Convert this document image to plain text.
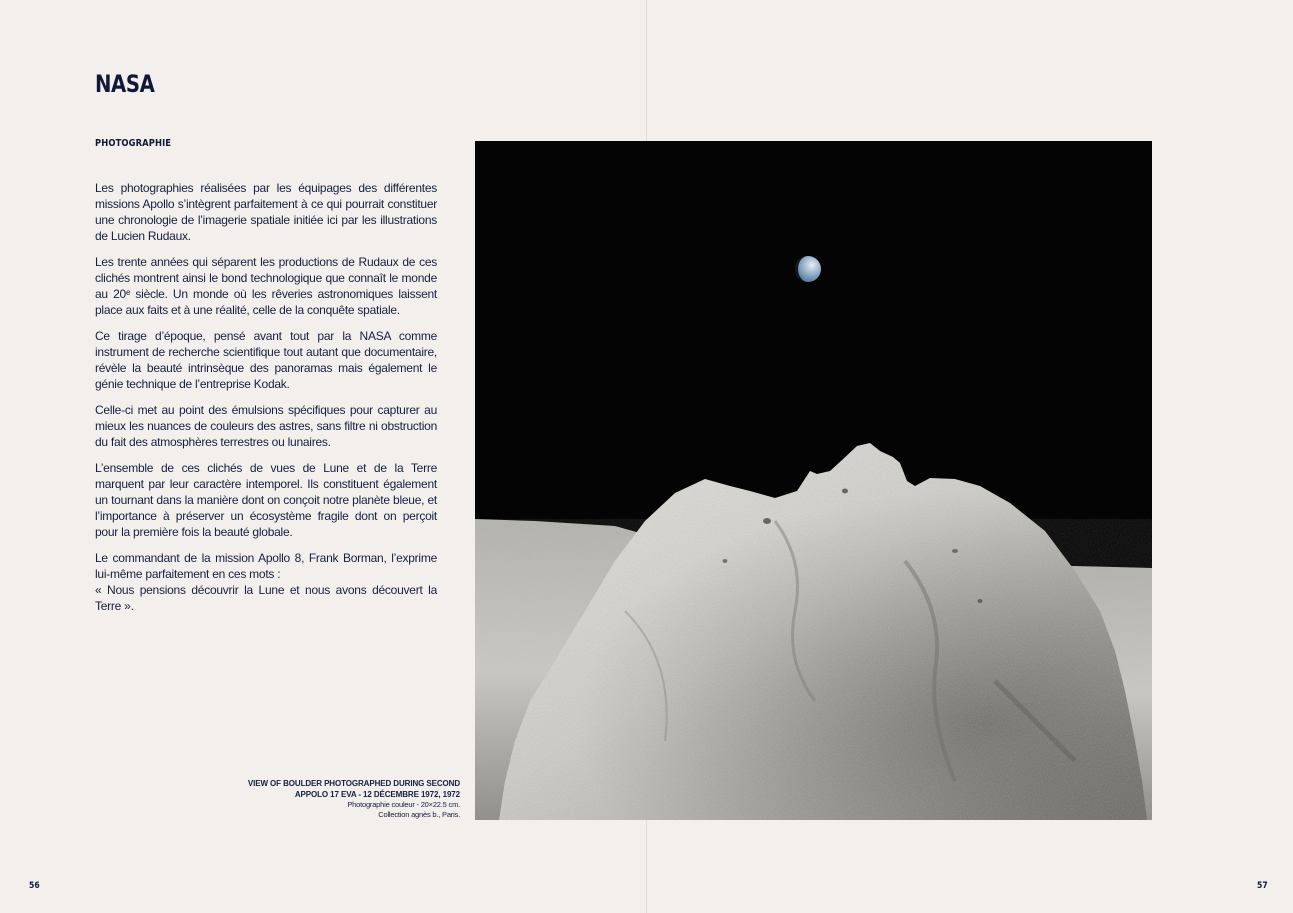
NASA
PHOTOGRAPHIE

Les photographies réalisées par les équipages des différentes missions Apollo s’intègrent parfaitement à ce qui pourrait constituer une chronologie de l’imagerie spatiale initiée ici par les illustrations de Lucien Rudaux.

Les trente années qui séparent les productions de Rudaux de ces clichés montrent ainsi le bond technologique que connaît le monde au 20ᵉ siècle. Un monde où les rêveries astronomiques laissent place aux faits et à une réalité, celle de la conquête spatiale.

Ce tirage d’époque, pensé avant tout par la NASA comme instrument de recherche scientifique tout autant que documentaire, révèle la beauté intrinsèque des panoramas mais également le génie technique de l’entreprise Kodak.

Celle-ci met au point des émulsions spécifiques pour capturer au mieux les nuances de couleurs des astres, sans filtre ni obstruction du fait des atmosphères terrestres ou lunaires.

L’ensemble de ces clichés de vues de Lune et de la Terre marquent par leur caractère intemporel. Ils constituent également un tournant dans la manière dont on conçoit notre planète bleue, et l’importance à préserver un écosystème fragile dont on perçoit pour la première fois la beauté globale.

Le commandant de la mission Apollo 8, Frank Borman, l’exprime lui-même parfaitement en ces mots :
« Nous pensions découvrir la Lune et nous avons découvert la Terre ».

VIEW OF BOULDER PHOTOGRAPHED DURING SECOND
APPOLO 17 EVA - 12 DÉCEMBRE 1972, 1972
Photographie couleur - 20×22.5 cm.
Collection agnès b., Paris.
56	57
